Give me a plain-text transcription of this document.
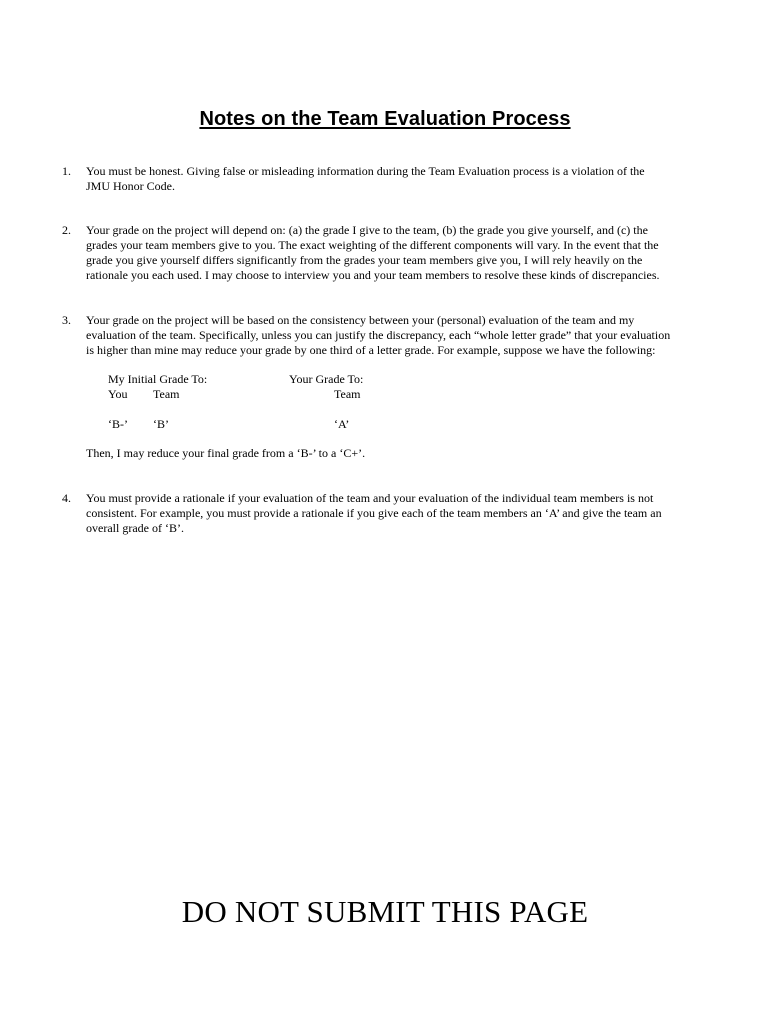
Notes on the Team Evaluation Process
1. You must be honest. Giving false or misleading information during the Team Evaluation process is a violation of the
JMU Honor Code.
2. Your grade on the project will depend on: (a) the grade I give to the team, (b) the grade you give yourself, and (c) the
grades your team members give to you. The exact weighting of the different components will vary. In the event that the
grade you give yourself differs significantly from the grades your team members give you, I will rely heavily on the
rationale you each used. I may choose to interview you and your team members to resolve these kinds of discrepancies.
3. Your grade on the project will be based on the consistency between your (personal) evaluation of the team and my
evaluation of the team. Specifically, unless you can justify the discrepancy, each “whole letter grade” that your evaluation
is higher than mine may reduce your grade by one third of a letter grade. For example, suppose we have the following:
My Initial Grade To:	Your Grade To:
You Team	Team
‘B-’ ‘B’	‘A’
Then, I may reduce your final grade from a ‘B-’ to a ‘C+’.
4. You must provide a rationale if your evaluation of the team and your evaluation of the individual team members is not
consistent. For example, you must provide a rationale if you give each of the team members an ‘A’ and give the team an
overall grade of ‘B’.
DO NOT SUBMIT THIS PAGE
